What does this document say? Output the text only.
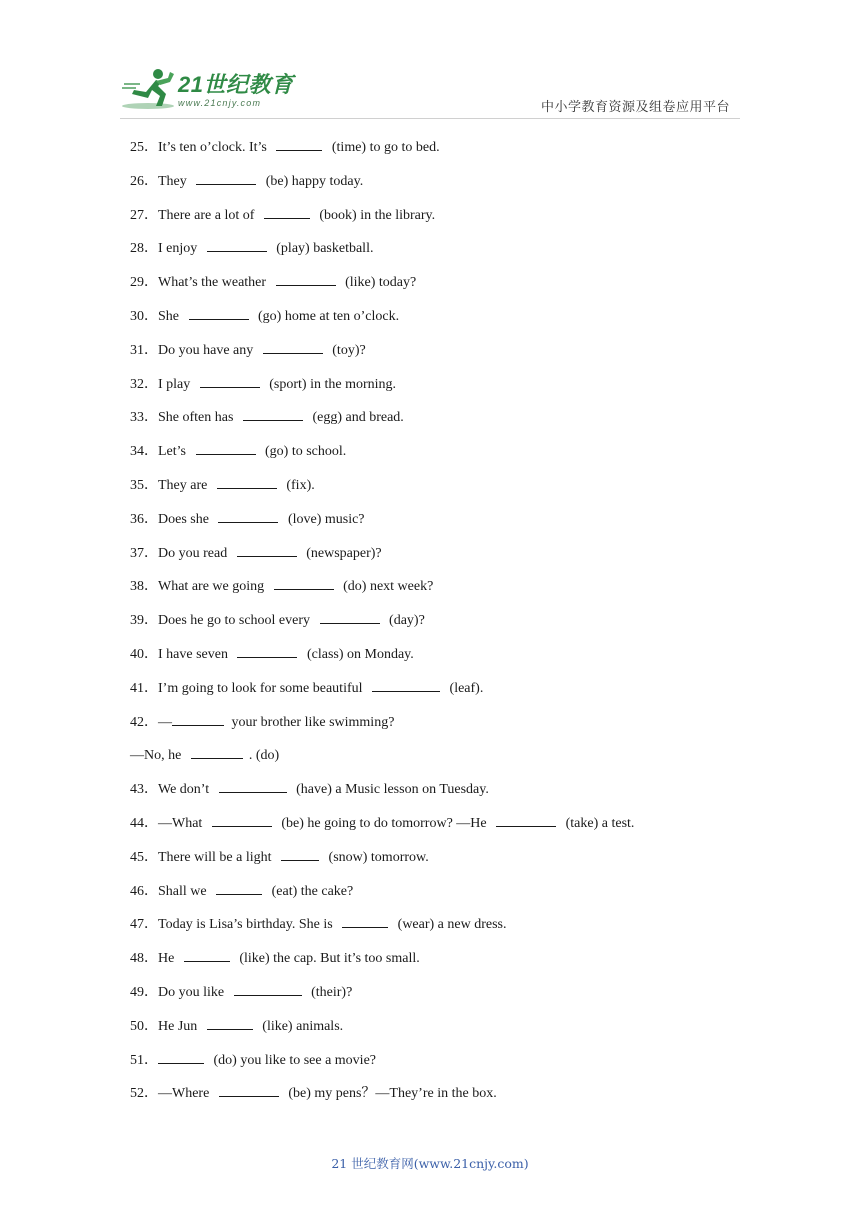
21世纪教育
www.21cnjy.com	中小学教育资源及组卷应用平台
25．It’s ten o’clock. It’s	(time) to go to bed.
26．They	(be) happy today.
27．There are a lot of	(book) in the library.
28．I enjoy	(play) basketball.
29．What’s the weather	(like) today?
30．She	(go) home at ten o’clock.
31．Do you have any	(toy)?
32．I play	(sport) in the morning.
33．She often has	(egg) and bread.
34．Let’s	(go) to school.
35．They are	(fix).
36．Does she	(love) music?
37．Do you read	(newspaper)?
38．What are we going	(do) next week?
39．Does he go to school every	(day)?
40．I have seven	(class) on Monday.
41．I’m going to look for some beautiful	(leaf).
42．—	your brother like swimming?
—No, he	. (do)
43．We don’t	(have) a Music lesson on Tuesday.
44．—What	(be) he going to do tomorrow? —He	(take) a test.
45．There will be a light	(snow) tomorrow.
46．Shall we	(eat) the cake?
47．Today is Lisa’s birthday. She is	(wear) a new dress.
48．He	(like) the cap. But it’s too small.
49．Do you like	(their)?
50．He Jun	(like) animals.
51．	(do) you like to see a movie?
52．—Where	(be) my pens？—They’re in the box.
21 世纪教育网(www.21cnjy.com)
